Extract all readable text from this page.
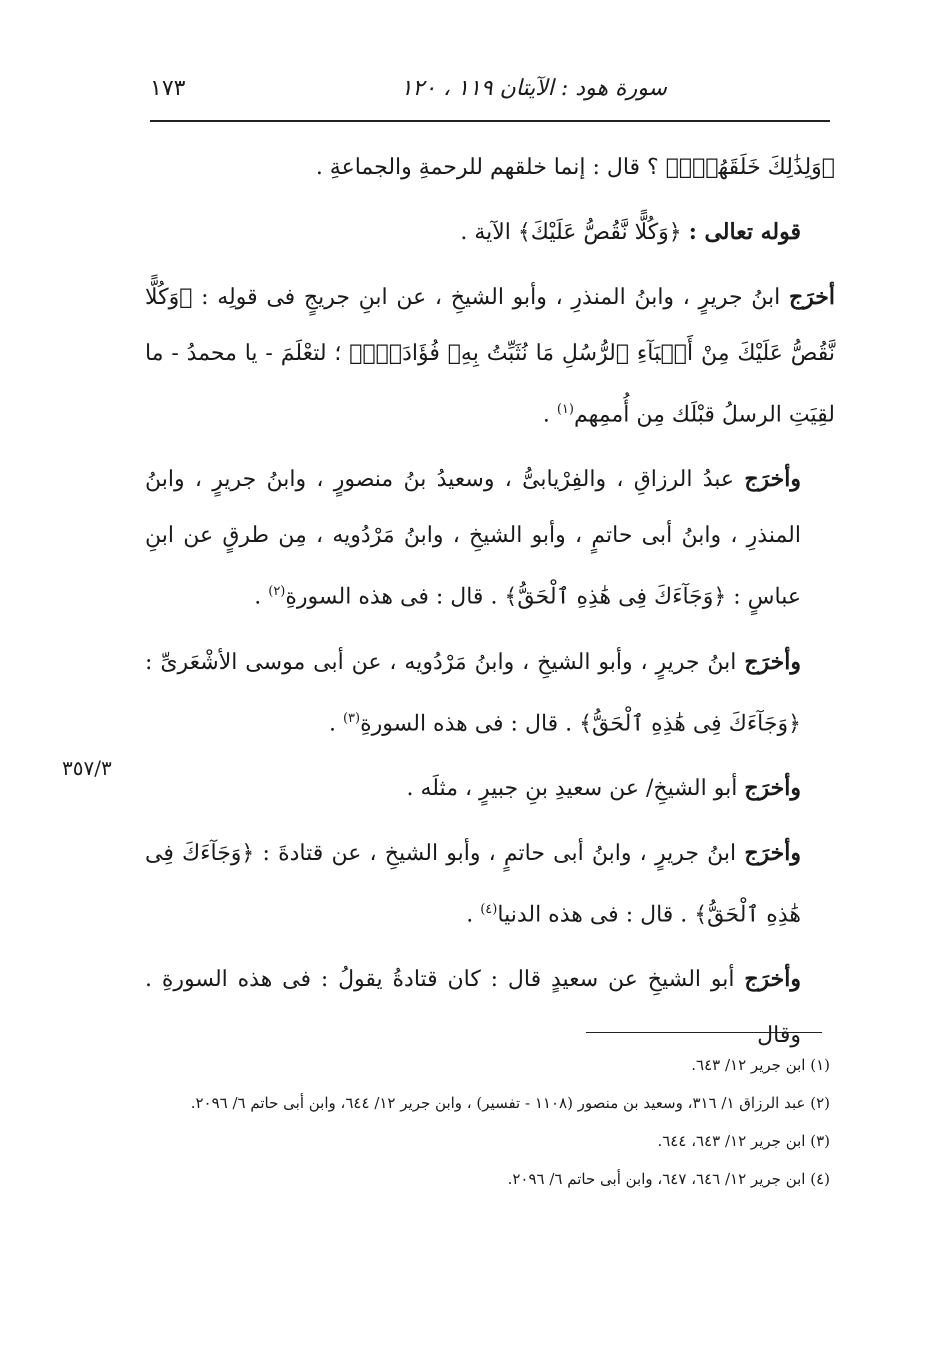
سورة هود : الآيتان ١١٩ ، ١٢٠
١٧٣
٣٥٧/٣

﴿وَلِذَٰلِكَ خَلَقَهُمْۗ﴾ ؟ قال : إنما خلقهم للرحمةِ والجماعةِ .

قوله تعالى : ﴿وَكُلًّا نَّقُصُّ عَلَيْكَ﴾ الآية .

أخرَج ابنُ جريرٍ ، وابنُ المنذرِ ، وأبو الشيخِ ، عن ابنِ جريجٍ فى قولِه : ﴿وَكُلًّا نَّقُصُّ عَلَيْكَ مِنْ أَنۢبَآءِ ٱلرُّسُلِ مَا نُثَبِّتُ بِهِۦ فُؤَادَكَۚ﴾ ؛ لتعْلَمَ - يا محمدُ - ما لقِيَتِ الرسلُ قبْلَك مِن أُممِهم$^{(١)}$ .

وأخرَج عبدُ الرزاقِ ، والفِرْيابىُّ ، وسعيدُ بنُ منصورٍ ، وابنُ جريرٍ ، وابنُ المنذرِ ، وابنُ أبى حاتمٍ ، وأبو الشيخِ ، وابنُ مَرْدُويه ، مِن طرقٍ عن ابنِ عباسٍ : ﴿وَجَآءَكَ فِى هَٰذِهِ ٱلْحَقُّ﴾ . قال : فى هذه السورةِ$^{(٢)}$ .

وأخرَج ابنُ جريرٍ ، وأبو الشيخِ ، وابنُ مَرْدُويه ، عن أبى موسى الأشْعَرىِّ : ﴿وَجَآءَكَ فِى هَٰذِهِ ٱلْحَقُّ﴾ . قال : فى هذه السورةِ$^{(٣)}$ .

وأخرَج أبو الشيخِ/ عن سعيدِ بنِ جبيرٍ ، مثلَه .

وأخرَج ابنُ جريرٍ ، وابنُ أبى حاتمٍ ، وأبو الشيخِ ، عن قتادةَ : ﴿وَجَآءَكَ فِى هَٰذِهِ ٱلْحَقُّ﴾ . قال : فى هذه الدنيا$^{(٤)}$ .

وأخرَج أبو الشيخِ عن سعيدٍ قال : كان قتادةُ يقولُ : فى هذه السورةِ . وقال

(١) ابن جرير ١٢/ ٦٤٣.
(٢) عبد الرزاق ١/ ٣١٦، وسعيد بن منصور (١١٠٨ - تفسير) ، وابن جرير ١٢/ ٦٤٤، وابن أبى حاتم ٦/ ٢٠٩٦.
(٣) ابن جرير ١٢/ ٦٤٣، ٦٤٤.
(٤) ابن جرير ١٢/ ٦٤٦، ٦٤٧، وابن أبى حاتم ٦/ ٢٠٩٦.
